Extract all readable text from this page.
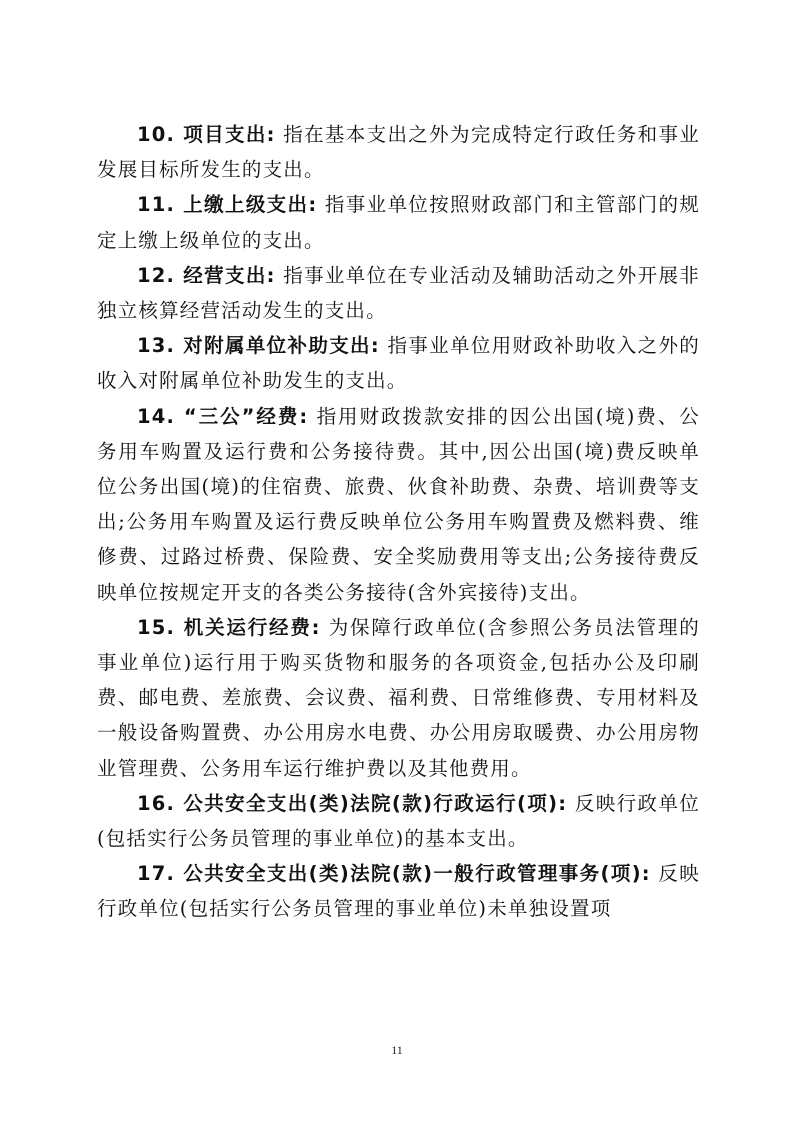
10. 项目支出: 指在基本支出之外为完成特定行政任务和事业发展目标所发生的支出。

11. 上缴上级支出: 指事业单位按照财政部门和主管部门的规定上缴上级单位的支出。

12. 经营支出: 指事业单位在专业活动及辅助活动之外开展非独立核算经营活动发生的支出。

13. 对附属单位补助支出: 指事业单位用财政补助收入之外的收入对附属单位补助发生的支出。

14. “三公”经费: 指用财政拨款安排的因公出国(境)费、公务用车购置及运行费和公务接待费。其中,因公出国(境)费反映单位公务出国(境)的住宿费、旅费、伙食补助费、杂费、培训费等支出;公务用车购置及运行费反映单位公务用车购置费及燃料费、维修费、过路过桥费、保险费、安全奖励费用等支出;公务接待费反映单位按规定开支的各类公务接待(含外宾接待)支出。

15. 机关运行经费: 为保障行政单位(含参照公务员法管理的事业单位)运行用于购买货物和服务的各项资金,包括办公及印刷费、邮电费、差旅费、会议费、福利费、日常维修费、专用材料及一般设备购置费、办公用房水电费、办公用房取暖费、办公用房物业管理费、公务用车运行维护费以及其他费用。

16. 公共安全支出(类)法院(款)行政运行(项): 反映行政单位(包括实行公务员管理的事业单位)的基本支出。

17. 公共安全支出(类)法院(款)一般行政管理事务(项): 反映行政单位(包括实行公务员管理的事业单位)未单独设置项

11
